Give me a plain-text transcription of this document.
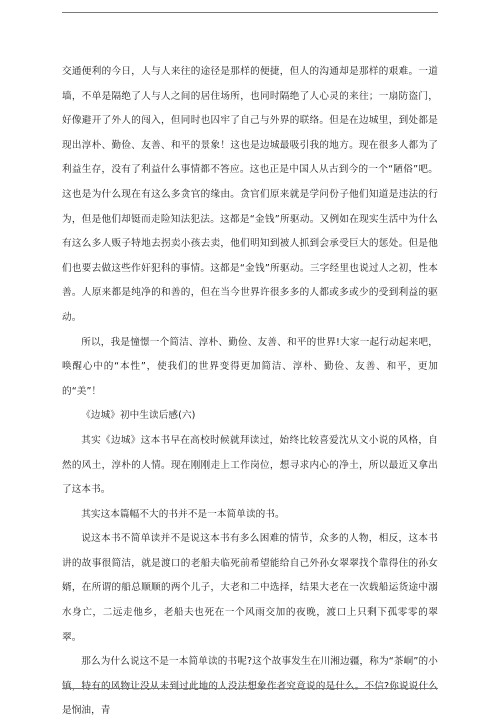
交通便利的今日，人与人来往的途径是那样的便捷，但人的沟通却是那样的艰难。一道墙，不单是隔绝了人与人之间的居住场所，也同时隔绝了人心灵的来往；一扇防盗门，好像避开了外人的闯入，但同时也囚牢了自己与外界的联络。但是在边城里，到处都是现出淳朴、勤俭、友善、和平的景象！这也是边城最吸引我的地方。现在很多人都为了利益生存，没有了利益什么事情都不答应。这也正是中国人从古到今的一个“陋俗”吧。这也是为什么现在有这么多贪官的缘由。贪官们原来就是学问份子他们知道是违法的行为，但是他们却铤而走险知法犯法。这都是“金钱”所驱动。又例如在现实生活中为什么有这么多人贩子特地去拐卖小孩去卖，他们明知到被人抓到会承受巨大的惩处。但是他们也要去做这些作奸犯科的事情。这都是“金钱”所驱动。三字经里也说过人之初，性本善。人原来都是纯净的和善的，但在当今世界许很多多的人都或多或少的受到利益的驱动。

所以，我是憧憬一个简洁、淳朴、勤俭、友善、和平的世界!大家一起行动起来吧，唤醒心中的“本性”，使我们的世界变得更加简洁、淳朴、勤俭、友善、和平，更加的“美”！

《边城》初中生读后感(六)

其实《边城》这本书早在高校时候就拜读过，始终比较喜爱沈从文小说的风格，自然的风土，淳朴的人情。现在刚刚走上工作岗位，想寻求内心的净土，所以最近又拿出了这本书。

其实这本篇幅不大的书并不是一本简单读的书。

说这本书不简单读并不是说这本书有多么困难的情节，众多的人物，相反，这本书讲的故事很简洁，就是渡口的老船夫临死前希望能给自己外孙女翠翠找个靠得住的孙女婿，在所谓的船总顺顺的两个儿子，大老和二中选择，结果大老在一次载船运货途中溺水身亡，二远走他乡，老船夫也死在一个风雨交加的夜晚，渡口上只剩下孤零零的翠翠。

那么为什么说这不是一本简单读的书呢?这个故事发生在川湘边疆，称为“茶峒”的小镇，特有的风物让没从未到过此地的人没法想象作者究竟说的是什么。不信?你说说什么是悯油，青
